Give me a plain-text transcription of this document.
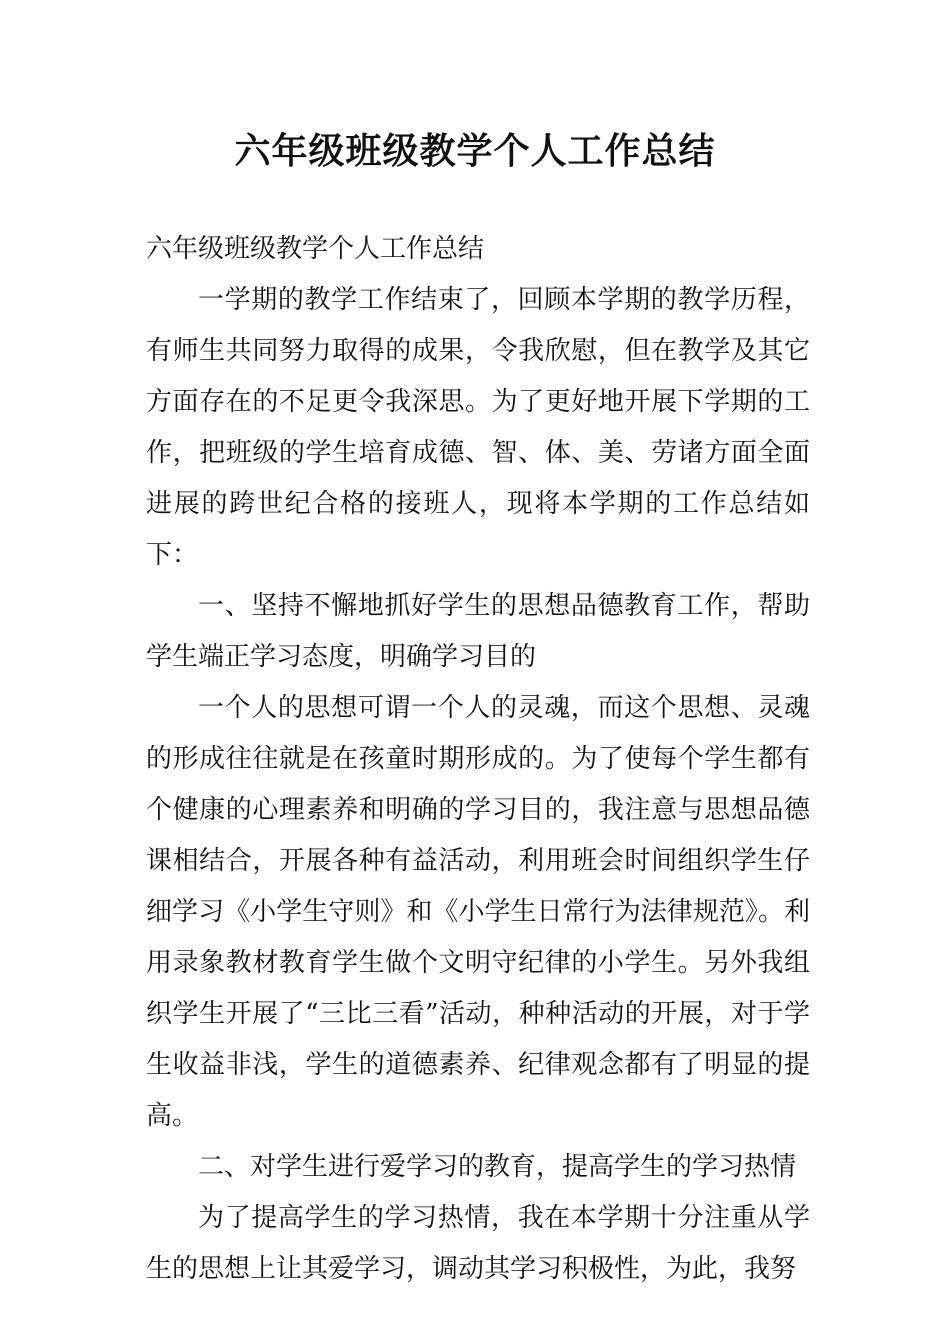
六年级班级教学个人工作总结

六年级班级教学个人工作总结

一学期的教学工作结束了，回顾本学期的教学历程，有师生共同努力取得的成果，令我欣慰，但在教学及其它方面存在的不足更令我深思。为了更好地开展下学期的工作，把班级的学生培育成德、智、体、美、劳诸方面全面进展的跨世纪合格的接班人，现将本学期的工作总结如下：

一、坚持不懈地抓好学生的思想品德教育工作，帮助学生端正学习态度，明确学习目的

一个人的思想可谓一个人的灵魂，而这个思想、灵魂的形成往往就是在孩童时期形成的。为了使每个学生都有个健康的心理素养和明确的学习目的，我注意与思想品德课相结合，开展各种有益活动，利用班会时间组织学生仔细学习《小学生守则》和《小学生日常行为法律规范》。利用录象教材教育学生做个文明守纪律的小学生。另外我组织学生开展了“三比三看”活动，种种活动的开展，对于学生收益非浅，学生的道德素养、纪律观念都有了明显的提高。

二、对学生进行爱学习的教育，提高学生的学习热情

为了提高学生的学习热情，我在本学期十分注重从学生的思想上让其爱学习，调动其学习积极性，为此，我努
